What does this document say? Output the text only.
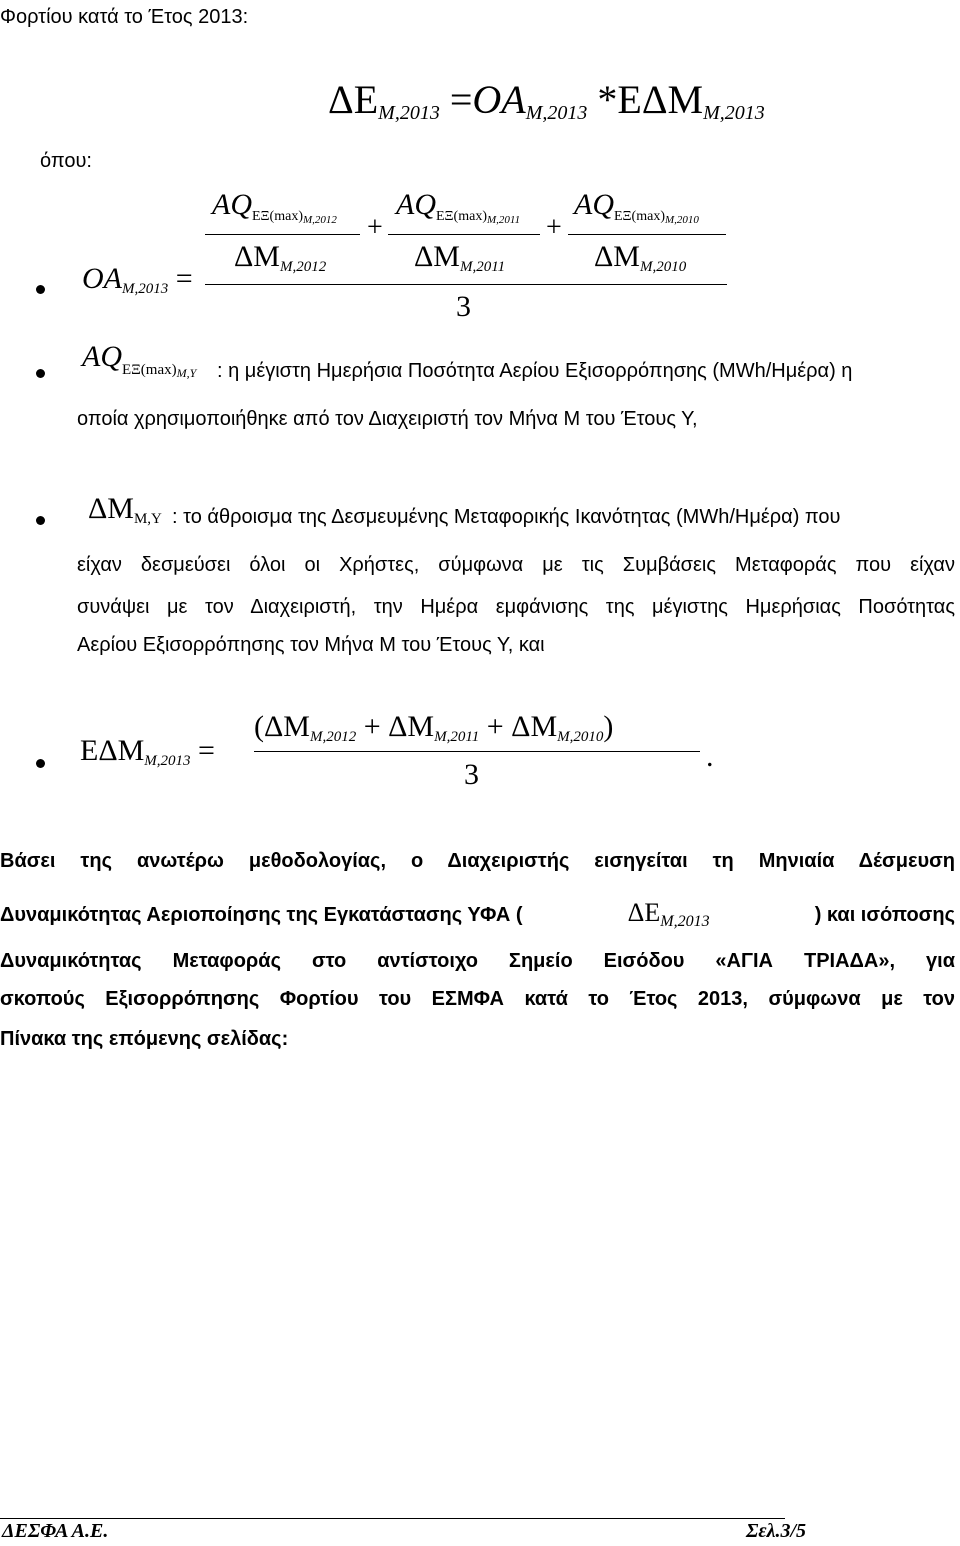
Φορτίου κατά το Έτος 2013:
ΔΕM,2013 =OAM,2013 *ΕΔΜM,2013
όπου:
$OA_{M,2013}$ =
$AQ_{E\Xi(max)M,2012}$
$\Delta M_{M,2012}$
+
$AQ_{E\Xi(max)M,2011}$
$\Delta M_{M,2011}$
+
$AQ_{E\Xi(max)M,2010}$
$\Delta M_{M,2010}$
3
$AQ_{E\Xi(max)M,Y}$ : η μέγιστη Ημερήσια Ποσότητα Αερίου Εξισορρόπησης (MWh/Ημέρα) η
οποία χρησιμοποιήθηκε από τον Διαχειριστή τον Μήνα Μ του Έτους Υ,
$\Delta M_{M,Y}$ : το άθροισμα της Δεσμευμένης Μεταφορικής Ικανότητας (MWh/Ημέρα) που
είχαν δεσμεύσει όλοι οι Χρήστες, σύμφωνα με τις Συμβάσεις Μεταφοράς που είχαν
συνάψει με τον Διαχειριστή, την Ημέρα εμφάνισης της μέγιστης Ημερήσιας Ποσότητας
Αερίου Εξισορρόπησης τον Μήνα Μ του Έτους Υ, και
$E\Delta M_{M,2013}$ =
$(\Delta M_{M,2012} + \Delta M_{M,2011} + \Delta M_{M,2010})$
3
.
Βάσει της ανωτέρω μεθοδολογίας, ο Διαχειριστής εισηγείται τη Μηνιαία Δέσμευση
Δυναμικότητας Αεριοποίησης της Εγκατάστασης ΥΦΑ (	ΔΕM,2013	) και ισόποσης
Δυναμικότητας Μεταφοράς στο αντίστοιχο Σημείο Εισόδου «ΑΓΙΑ ΤΡΙΑΔΑ», για
σκοπούς Εξισορρόπησης Φορτίου του ΕΣΜΦΑ κατά το Έτος 2013, σύμφωνα με τον
Πίνακα της επόμενης σελίδας:
ΔΕΣΦΑ Α.Ε.	Σελ.3/5
